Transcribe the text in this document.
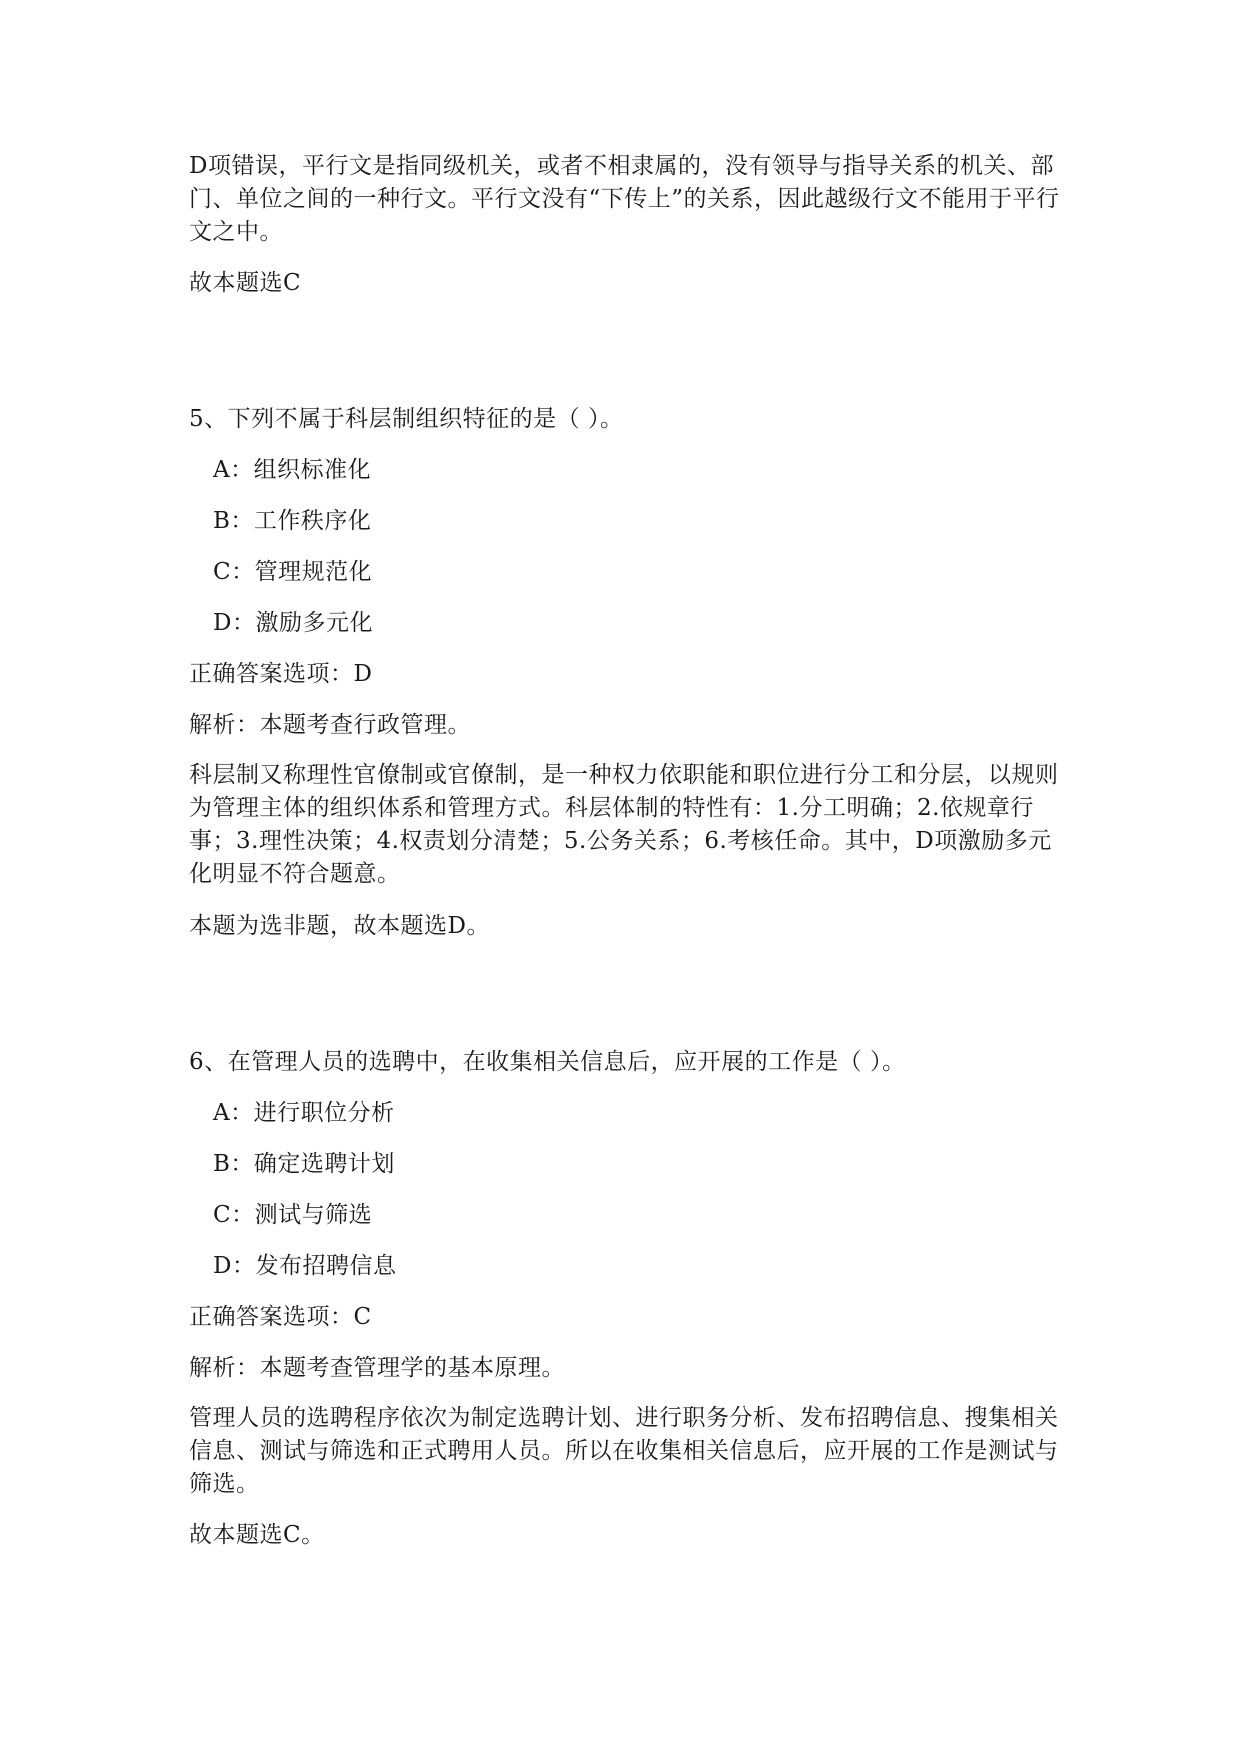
D项错误，平行文是指同级机关，或者不相隶属的，没有领导与指导关系的机关、部门、单位之间的一种行文。平行文没有“下传上”的关系，因此越级行文不能用于平行文之中。
故本题选C
5、下列不属于科层制组织特征的是（ ）。
A：组织标准化
B：工作秩序化
C：管理规范化
D：激励多元化
正确答案选项：D
解析：本题考查行政管理。
科层制又称理性官僚制或官僚制，是一种权力依职能和职位进行分工和分层，以规则为管理主体的组织体系和管理方式。科层体制的特性有：1.分工明确；2.依规章行事；3.理性决策；4.权责划分清楚；5.公务关系；6.考核任命。其中，D项激励多元化明显不符合题意。
本题为选非题，故本题选D。
6、在管理人员的选聘中，在收集相关信息后，应开展的工作是（ ）。
A：进行职位分析
B：确定选聘计划
C：测试与筛选
D：发布招聘信息
正确答案选项：C
解析：本题考查管理学的基本原理。
管理人员的选聘程序依次为制定选聘计划、进行职务分析、发布招聘信息、搜集相关信息、测试与筛选和正式聘用人员。所以在收集相关信息后，应开展的工作是测试与筛选。
故本题选C。
